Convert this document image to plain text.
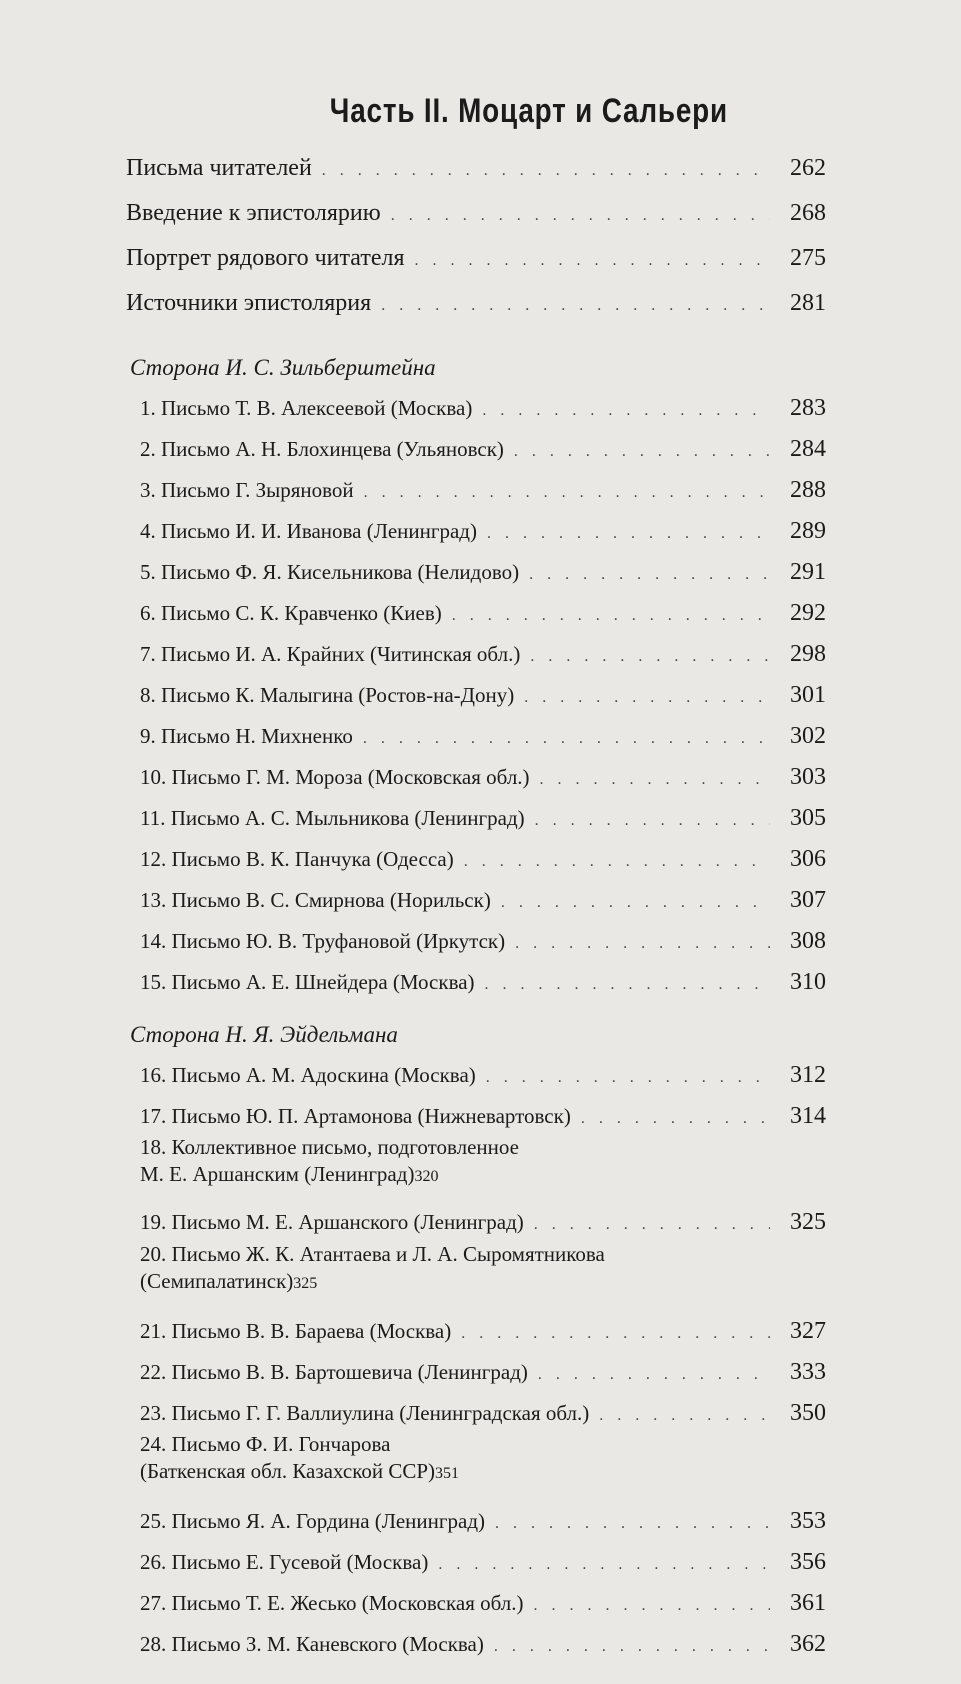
Часть II. Моцарт и Сальери
Письма читателей . . .	262
Введение к эпистолярию . . .	268
Портрет рядового читателя . . .	275
Источники эпистолярия . . .	281
Сторона И. С. Зильберштейна
1. Письмо Т. В. Алексеевой (Москва) . . .	283
2. Письмо А. Н. Блохинцева (Ульяновск) . . .	284
3. Письмо Г. Зыряновой . . .	288
4. Письмо И. И. Иванова (Ленинград) . . .	289
5. Письмо Ф. Я. Кисельникова (Нелидово) . . .	291
6. Письмо С. К. Кравченко (Киев) . . .	292
7. Письмо И. А. Крайних (Читинская обл.) . . .	298
8. Письмо К. Малыгина (Ростов-на-Дону) . . .	301
9. Письмо Н. Михненко . . .	302
10. Письмо Г. М. Мороза (Московская обл.) . . .	303
11. Письмо А. С. Мыльникова (Ленинград) . . .	305
12. Письмо В. К. Панчука (Одесса) . . .	306
13. Письмо В. С. Смирнова (Норильск) . . .	307
14. Письмо Ю. В. Труфановой (Иркутск) . . .	308
15. Письмо А. Е. Шнейдера (Москва) . . .	310
Сторона Н. Я. Эйдельмана
16. Письмо А. М. Адоскина (Москва) . . .	312
17. Письмо Ю. П. Артамонова (Нижневартовск) . . .	314
18. Коллективное письмо, подготовленное
М. Е. Аршанским (Ленинград) 320
19. Письмо М. Е. Аршанского (Ленинград) . . .	325
20. Письмо Ж. К. Атантаева и Л. А. Сыромятникова
(Семипалатинск) 325
21. Письмо В. В. Бараева (Москва) . . .	327
22. Письмо В. В. Бартошевича (Ленинград) . . .	333
23. Письмо Г. Г. Валлиулина (Ленинградская обл.) . . .	350
24. Письмо Ф. И. Гончарова
(Баткенская обл. Казахской ССР) 351
25. Письмо Я. А. Гордина (Ленинград) . . .	353
26. Письмо Е. Гусевой (Москва) . . .	356
27. Письмо Т. Е. Жесько (Московская обл.) . . .	361
28. Письмо З. М. Каневского (Москва) . . .	362
